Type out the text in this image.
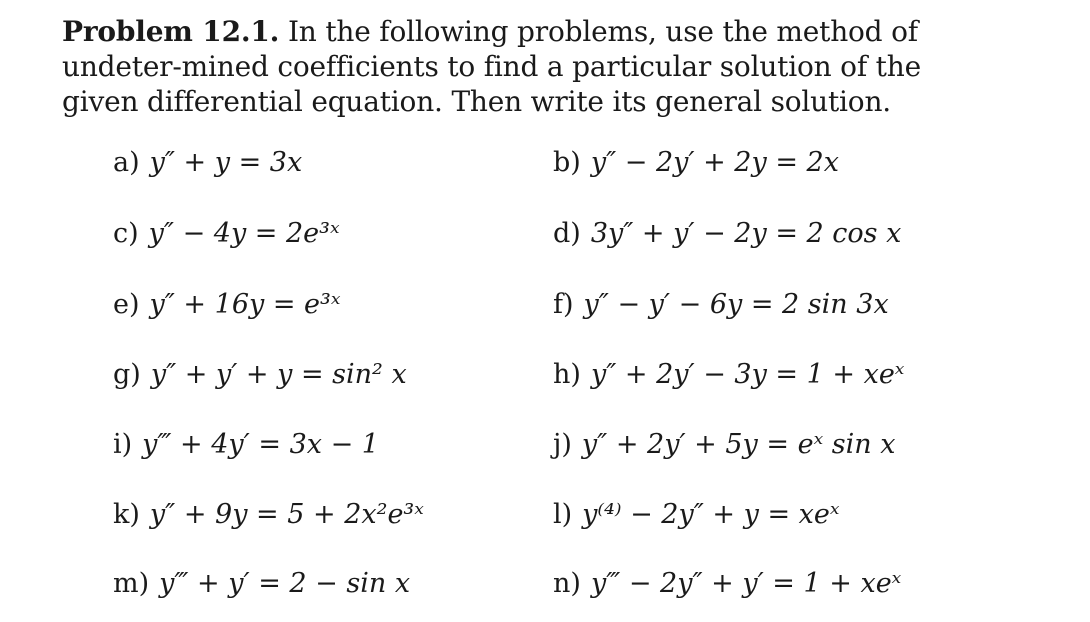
Problem 12.1. In the following problems, use the method of undeter-mined coefficients to find a particular solution of the given differential equation. Then write its general solution.
a) y″ + y = 3x	b) y″ − 2y′ + 2y = 2x
c) y″ − 4y = 2e³ˣ	d) 3y″ + y′ − 2y = 2 cos x
e) y″ + 16y = e³ˣ	f) y″ − y′ − 6y = 2 sin 3x
g) y″ + y′ + y = sin² x	h) y″ + 2y′ − 3y = 1 + xeˣ
i) y‴ + 4y′ = 3x − 1	j) y″ + 2y′ + 5y = eˣ sin x
k) y″ + 9y = 5 + 2x²e³ˣ	l) y⁽⁴⁾ − 2y″ + y = xeˣ
m) y‴ + y′ = 2 − sin x	n) y‴ − 2y″ + y′ = 1 + xeˣ
